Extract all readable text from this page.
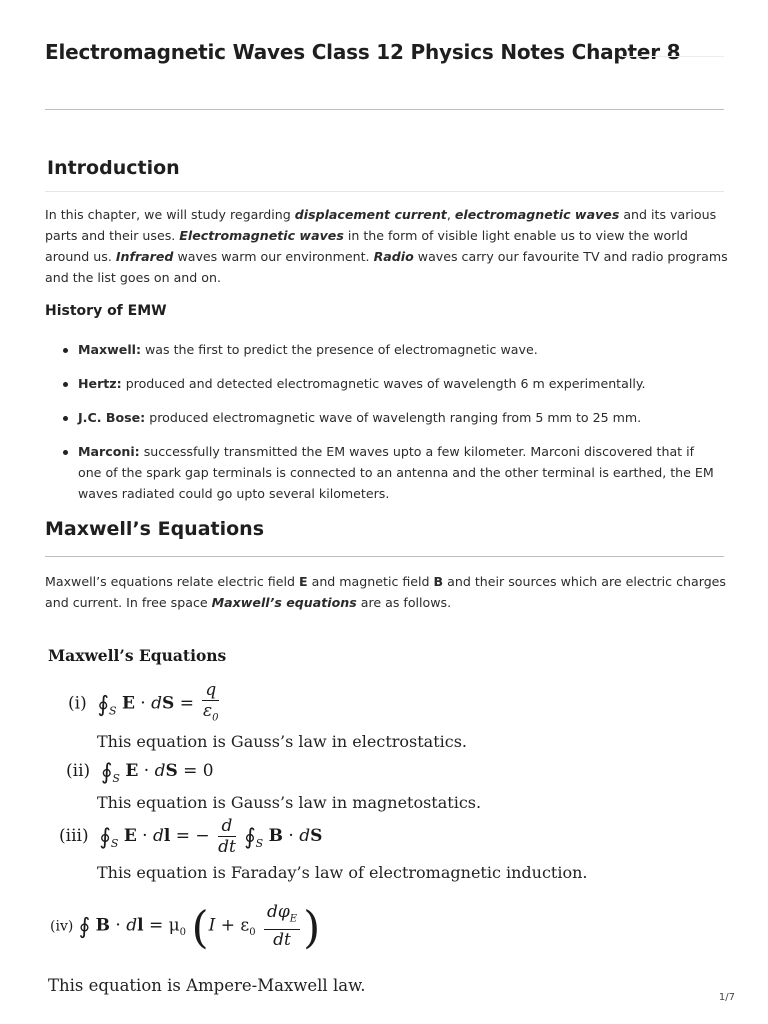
Electromagnetic Waves Class 12 Physics Notes Chapter 8
Introduction
In this chapter, we will study regarding displacement current, electromagnetic waves and its various parts and their uses. Electromagnetic waves in the form of visible light enable us to view the world around us. Infrared waves warm our environment. Radio waves carry our favourite TV and radio programs and the list goes on and on.
History of EMW
Maxwell: was the first to predict the presence of electromagnetic wave.
Hertz: produced and detected electromagnetic waves of wavelength 6 m experimentally.
J.C. Bose: produced electromagnetic wave of wavelength ranging from 5 mm to 25 mm.
Marconi: successfully transmitted the EM waves upto a few kilometer. Marconi discovered that if one of the spark gap terminals is connected to an antenna and the other terminal is earthed, the EM waves radiated could go upto several kilometers.
Maxwell’s Equations
Maxwell’s equations relate electric field E and magnetic field B and their sources which are electric charges and current. In free space Maxwell’s equations are as follows.
Maxwell’s Equations
(i) $∮_S$ E · dS = $\frac{q}{\varepsilon_0}$
This equation is Gauss’s law in electrostatics.
(ii) $∮_S$ E · dS = 0
This equation is Gauss’s law in magnetostatics.
(iii) $∮_S$ E · dl = − $\frac{d}{dt}$ $∮_S$ B · dS
This equation is Faraday’s law of electromagnetic induction.
(iv) ∮ B · dl = $\mu_0$ ($I + \varepsilon_0 \frac{d\varphi_E}{dt}$ )
This equation is Ampere-Maxwell law.
1/7
